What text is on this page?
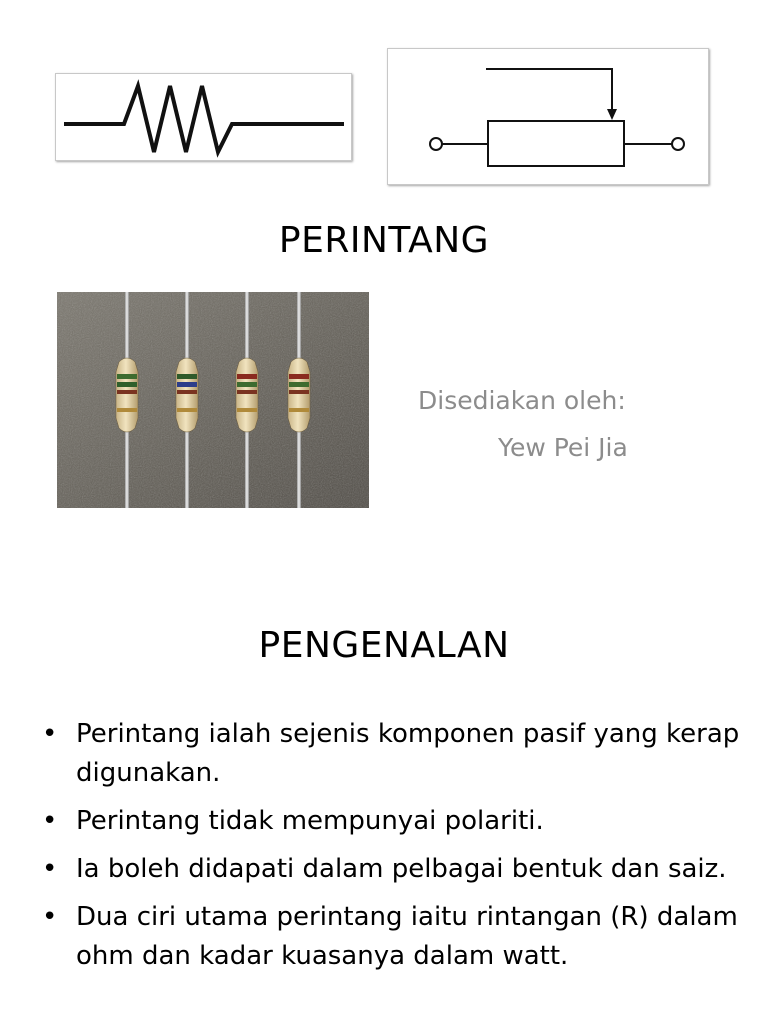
PERINTANG
Disediakan oleh:
Yew Pei Jia
PENGENALAN
• Perintang ialah sejenis komponen pasif yang kerap digunakan.
• Perintang tidak mempunyai polariti.
• Ia boleh didapati dalam pelbagai bentuk dan saiz.
• Dua ciri utama perintang iaitu rintangan (R) dalam ohm dan kadar kuasanya dalam watt.
